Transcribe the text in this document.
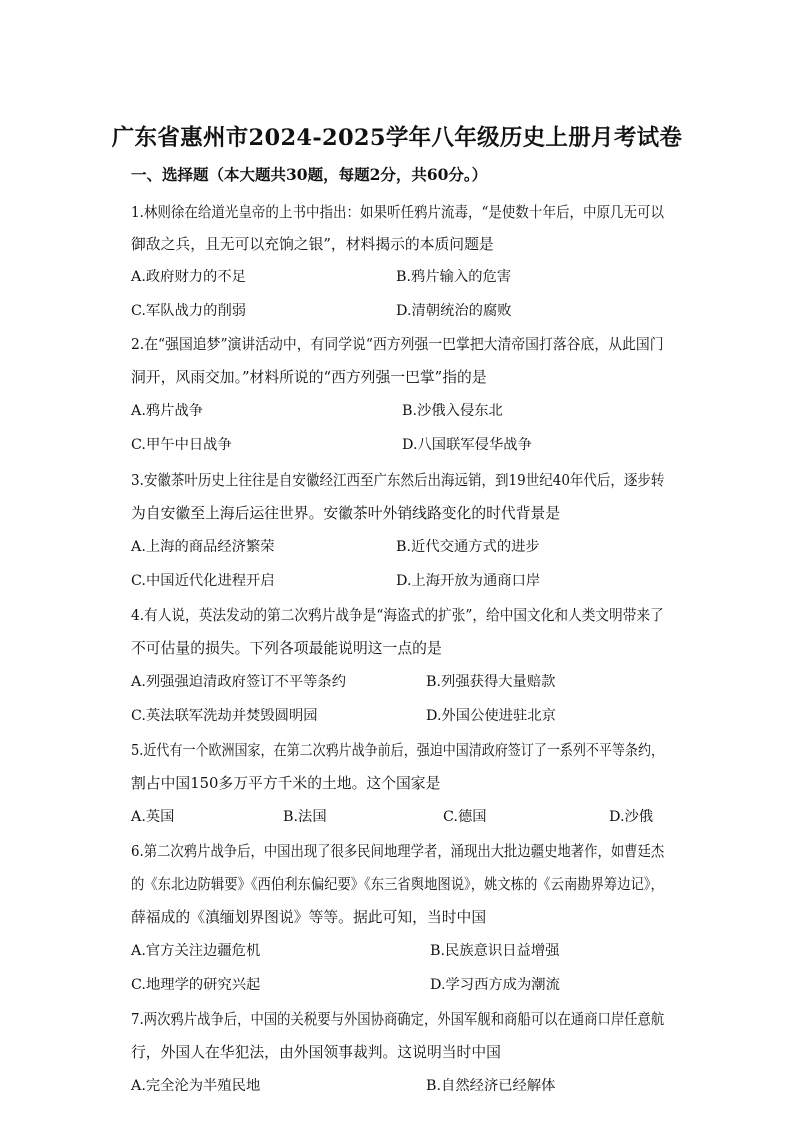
广东省惠州市2024-2025学年八年级历史上册月考试卷
一、选择题（本大题共30题，每题2分，共60分。）
1.林则徐在给道光皇帝的上书中指出：如果听任鸦片流毒，“是使数十年后，中原几无可以
御敌之兵，且无可以充饷之银”，材料揭示的本质问题是
A.政府财力的不足	B.鸦片输入的危害
C.军队战力的削弱	D.清朝统治的腐败
2.在“强国追梦”演讲活动中，有同学说“西方列强一巴掌把大清帝国打落谷底，从此国门
洞开，风雨交加。”材料所说的“西方列强一巴掌”指的是
A.鸦片战争	B.沙俄入侵东北
C.甲午中日战争	D.八国联军侵华战争
3.安徽茶叶历史上往往是自安徽经江西至广东然后出海远销，到19世纪40年代后，逐步转
为自安徽至上海后运往世界。安徽茶叶外销线路变化的时代背景是
A.上海的商品经济繁荣	B.近代交通方式的进步
C.中国近代化进程开启	D.上海开放为通商口岸
4.有人说，英法发动的第二次鸦片战争是“海盗式的扩张”，给中国文化和人类文明带来了
不可估量的损失。下列各项最能说明这一点的是
A.列强强迫清政府签订不平等条约	B.列强获得大量赔款
C.英法联军洗劫并焚毁圆明园	D.外国公使进驻北京
5.近代有一个欧洲国家，在第二次鸦片战争前后，强迫中国清政府签订了一系列不平等条约，
割占中国150多万平方千米的土地。这个国家是
A.英国	B.法国	C.德国	D.沙俄
6.第二次鸦片战争后，中国出现了很多民间地理学者，涌现出大批边疆史地著作，如曹廷杰
的《东北边防辑要》《西伯利东偏纪要》《东三省舆地图说》，姚文栋的《云南勘界筹边记》，
薛福成的《滇缅划界图说》等等。据此可知，当时中国
A.官方关注边疆危机	B.民族意识日益增强
C.地理学的研究兴起	D.学习西方成为潮流
7.两次鸦片战争后，中国的关税要与外国协商确定，外国军舰和商船可以在通商口岸任意航
行，外国人在华犯法，由外国领事裁判。这说明当时中国
A.完全沦为半殖民地	B.自然经济已经解体
